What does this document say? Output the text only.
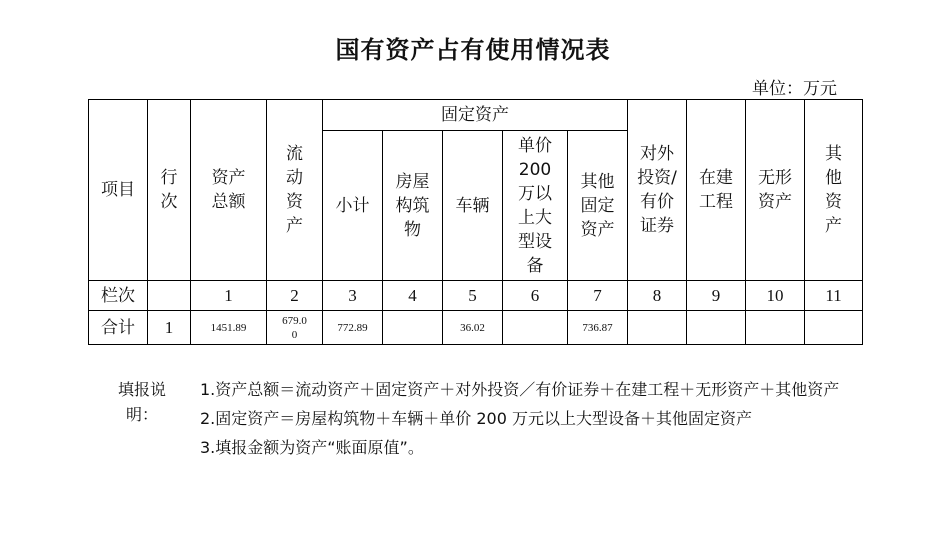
国有资产占有使用情况表
单位：万元
项目	行次	资产总额	流动资产	固定资产					对外投资/有价证券	在建工程	无形资产	其他资产
				小计	房屋构筑物	车辆	单价200万以上大型设备	其他固定资产				
栏次		1	2	3	4	5	6	7	8	9	10	11
合计	1	1451.89	679.00	772.89		36.02		736.87				
填报说明：
1.资产总额＝流动资产＋固定资产＋对外投资／有价证券＋在建工程＋无形资产＋其他资产
2.固定资产＝房屋构筑物＋车辆＋单价 200 万元以上大型设备＋其他固定资产
3.填报金额为资产“账面原值”。
